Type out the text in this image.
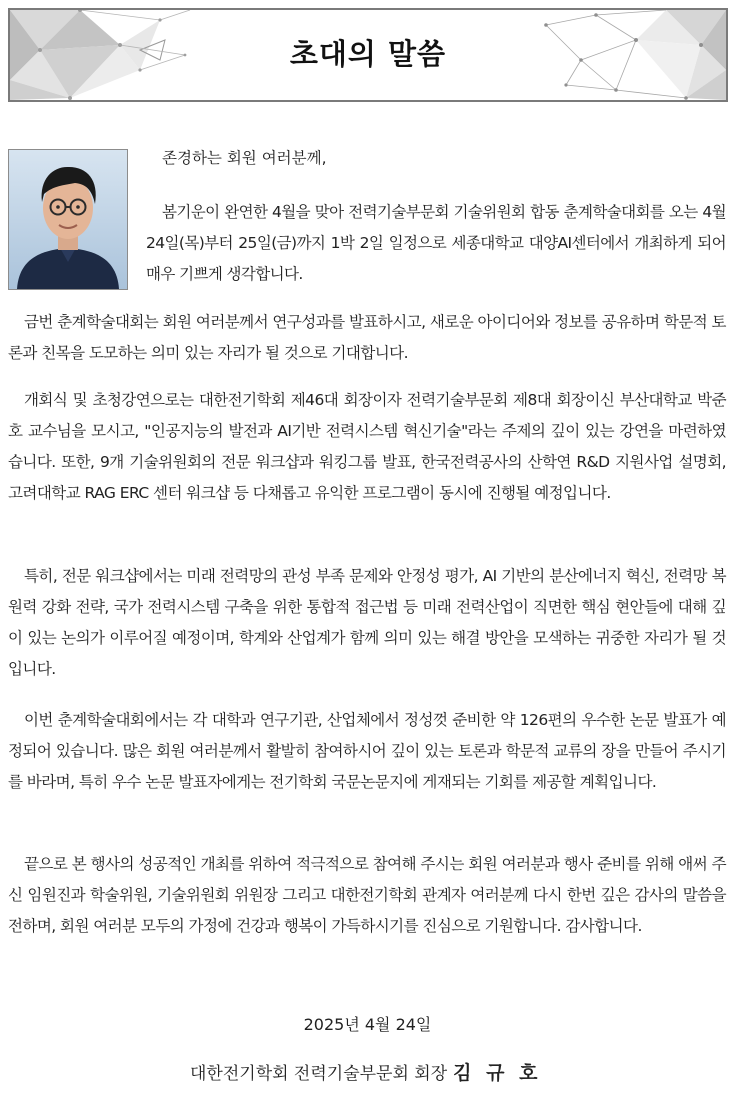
초대의 말씀
존경하는 회원 여러분께,

봄기운이 완연한 4월을 맞아 전력기술부문회 기술위원회 합동 춘계학술대회를 오는 4월 24일(목)부터 25일(금)까지 1박 2일 일정으로 세종대학교 대양AI센터에서 개최하게 되어 매우 기쁘게 생각합니다.

금번 춘계학술대회는 회원 여러분께서 연구성과를 발표하시고, 새로운 아이디어와 정보를 공유하며 학문적 토론과 친목을 도모하는 의미 있는 자리가 될 것으로 기대합니다.

개회식 및 초청강연으로는 대한전기학회 제46대 회장이자 전력기술부문회 제8대 회장이신 부산대학교 박준호 교수님을 모시고, "인공지능의 발전과 AI기반 전력시스템 혁신기술"라는 주제의 깊이 있는 강연을 마련하였습니다. 또한, 9개 기술위원회의 전문 워크샵과 워킹그룹 발표, 한국전력공사의 산학연 R&D 지원사업 설명회, 고려대학교 RAG ERC 센터 워크샵 등 다채롭고 유익한 프로그램이 동시에 진행될 예정입니다.

특히, 전문 워크샵에서는 미래 전력망의 관성 부족 문제와 안정성 평가, AI 기반의 분산에너지 혁신, 전력망 복원력 강화 전략, 국가 전력시스템 구축을 위한 통합적 접근법 등 미래 전력산업이 직면한 핵심 현안들에 대해 깊이 있는 논의가 이루어질 예정이며, 학계와 산업계가 함께 의미 있는 해결 방안을 모색하는 귀중한 자리가 될 것입니다.

이번 춘계학술대회에서는 각 대학과 연구기관, 산업체에서 정성껏 준비한 약 126편의 우수한 논문 발표가 예정되어 있습니다. 많은 회원 여러분께서 활발히 참여하시어 깊이 있는 토론과 학문적 교류의 장을 만들어 주시기를 바라며, 특히 우수 논문 발표자에게는 전기학회 국문논문지에 게재되는 기회를 제공할 계획입니다.

끝으로 본 행사의 성공적인 개최를 위하여 적극적으로 참여해 주시는 회원 여러분과 행사 준비를 위해 애써 주신 임원진과 학술위원, 기술위원회 위원장 그리고 대한전기학회 관계자 여러분께 다시 한번 깊은 감사의 말씀을 전하며, 회원 여러분 모두의 가정에 건강과 행복이 가득하시기를 진심으로 기원합니다. 감사합니다.

2025년 4월 24일
대한전기학회 전력기술부문회 회장 김 규 호
